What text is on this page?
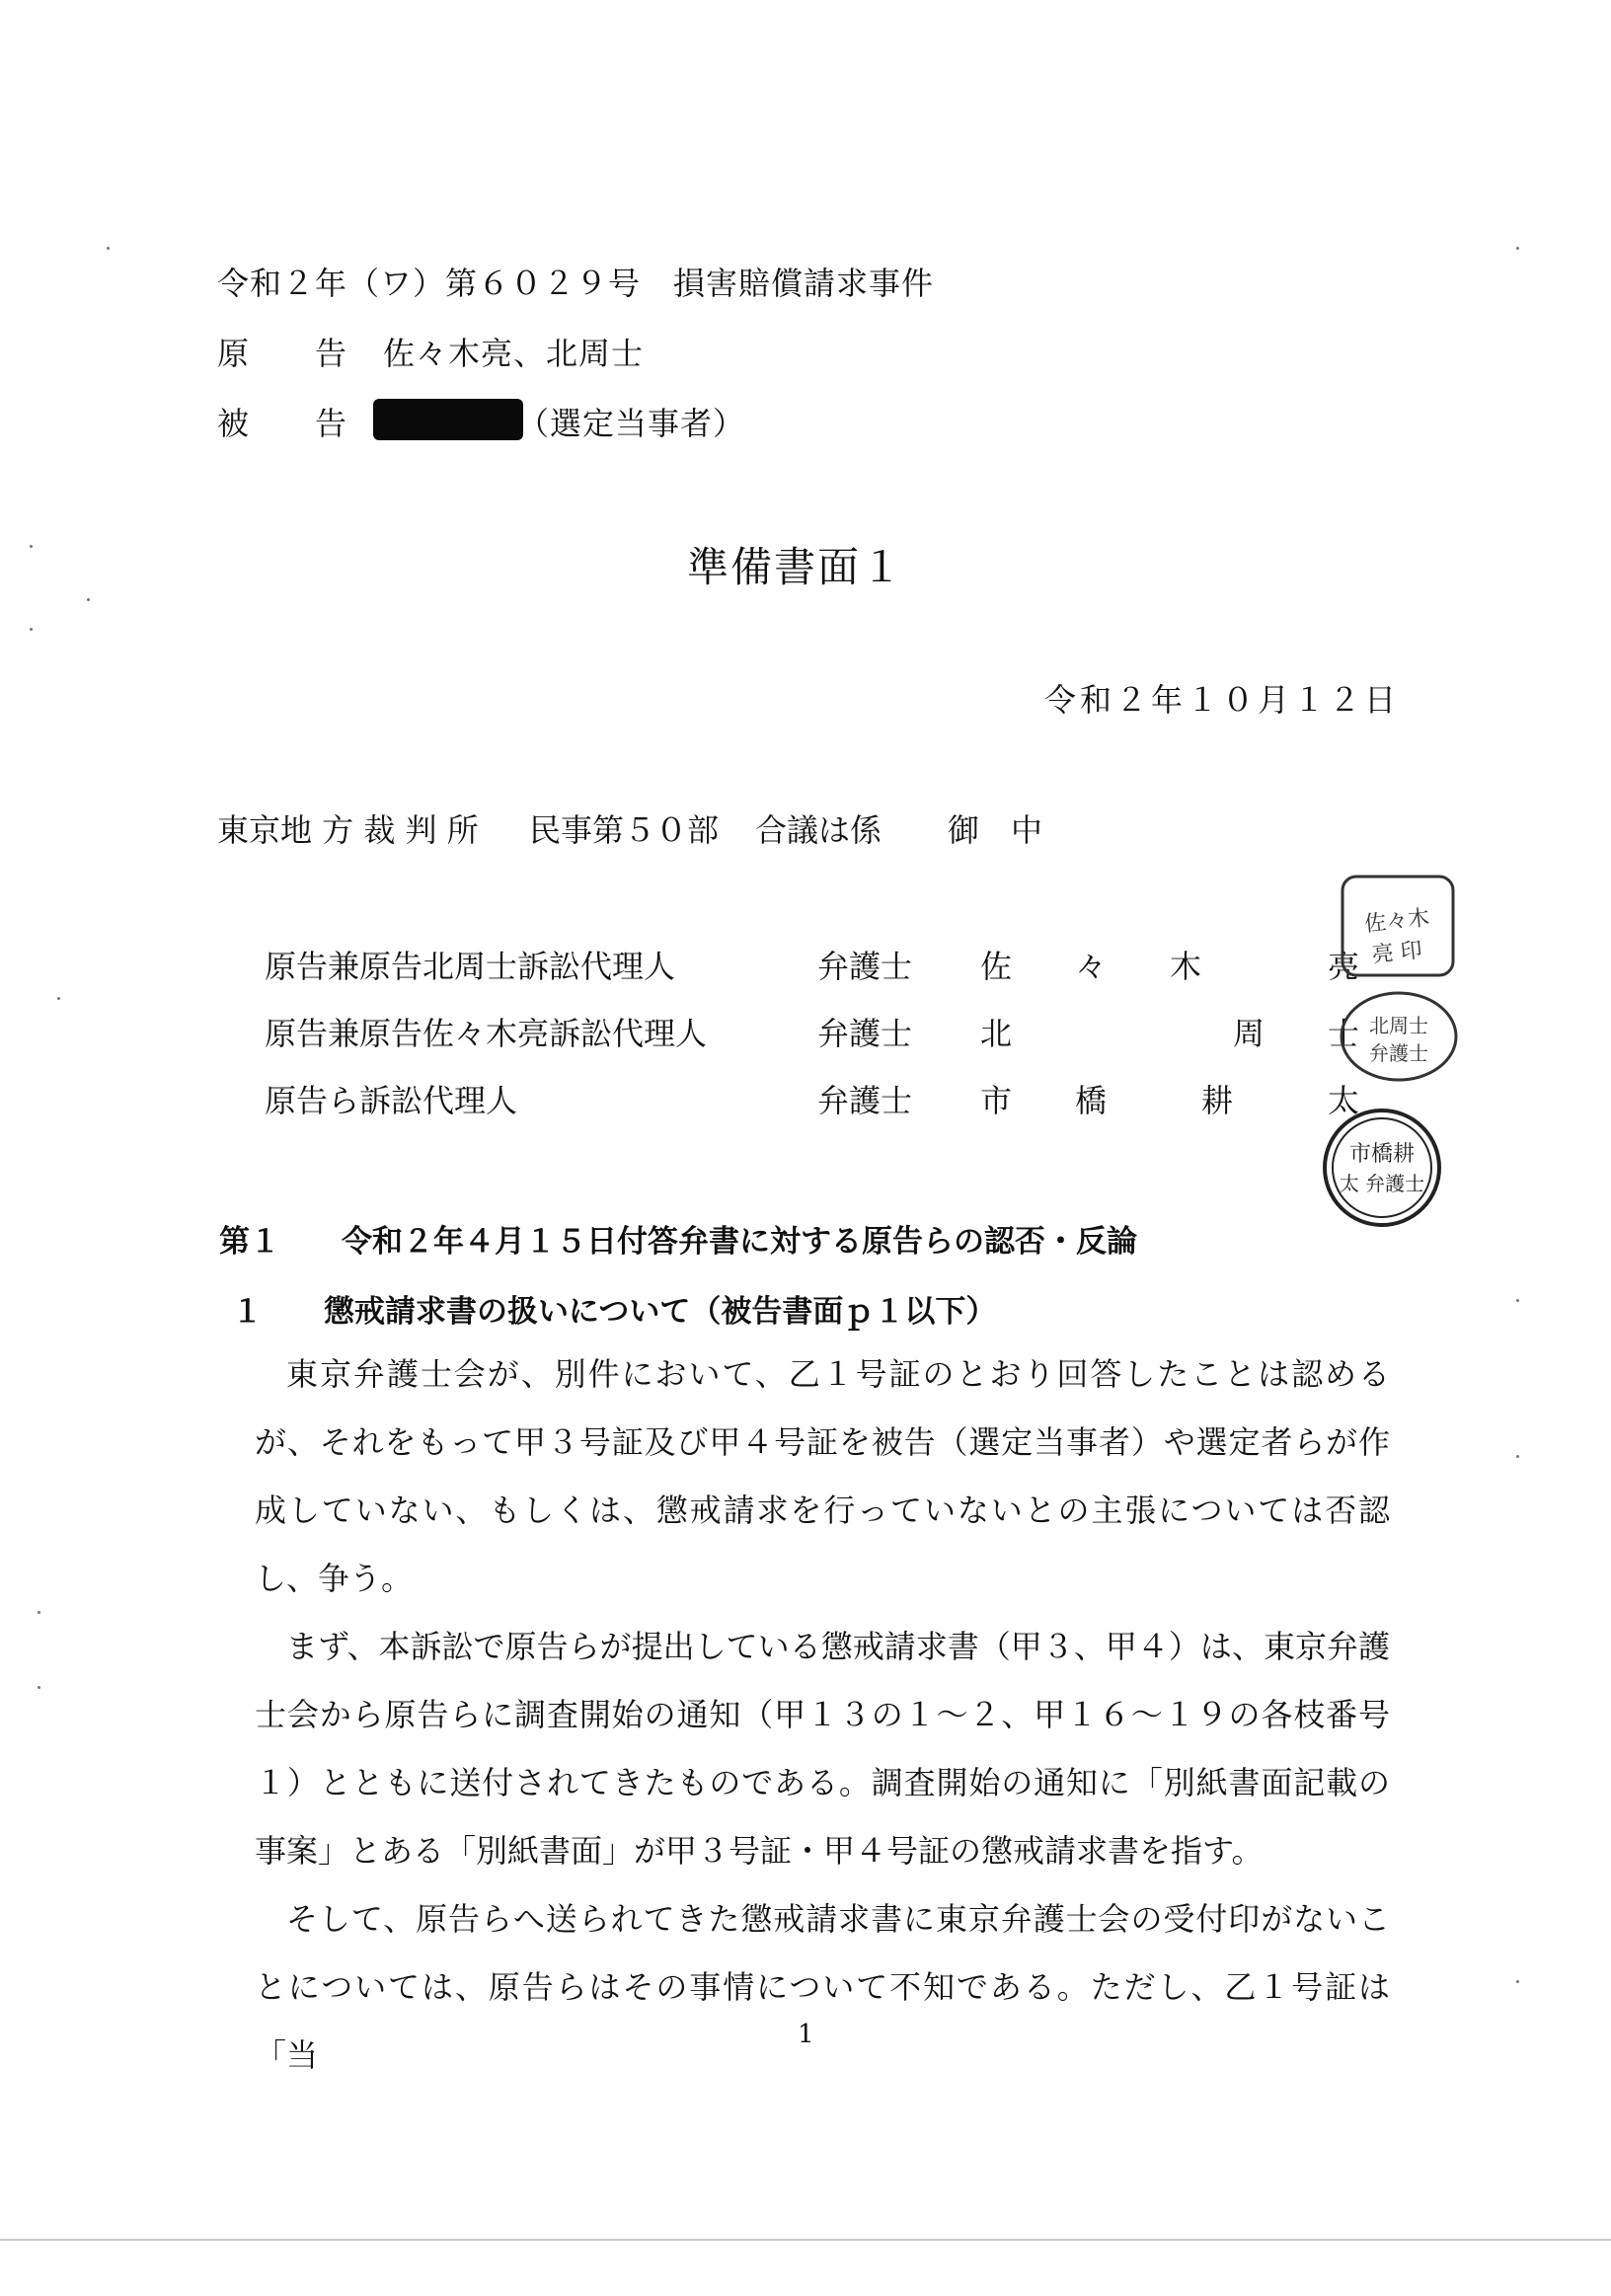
令和２年（ワ）第６０２９号　損害賠償請求事件
原　　告 佐々木亮、北周士
被　　告	（選定当事者）
準備書面１
令和２年１０月１２日
東京地 方 裁 判 所 民事第５０部 合議は係 御　中
原告兼原告北周士訴訟代理人	弁護士 佐　　々　　木　　　　亮
原告兼原告佐々木亮訴訟代理人	弁護士 北　　　　　　　周　　士
原告ら訴訟代理人	弁護士 市　　橋　　　耕　　　太
佐々木
亮 印
北周士
弁護士
市橋耕
太 弁護士
第１　　令和２年４月１５日付答弁書に対する原告らの認否・反論
１　　懲戒請求書の扱いについて（被告書面ｐ１以下）

東京弁護士会が、別件において、乙１号証のとおり回答したことは認めるが、それをもって甲３号証及び甲４号証を被告（選定当事者）や選定者らが作成していない、もしくは、懲戒請求を行っていないとの主張については否認し、争う。

まず、本訴訟で原告らが提出している懲戒請求書（甲３、甲４）は、東京弁護士会から原告らに調査開始の通知（甲１３の１～２、甲１６～１９の各枝番号１）とともに送付されてきたものである。調査開始の通知に「別紙書面記載の事案」とある「別紙書面」が甲３号証・甲４号証の懲戒請求書を指す。

そして、原告らへ送られてきた懲戒請求書に東京弁護士会の受付印がないことについては、原告らはその事情について不知である。ただし、乙１号証は「当

1
